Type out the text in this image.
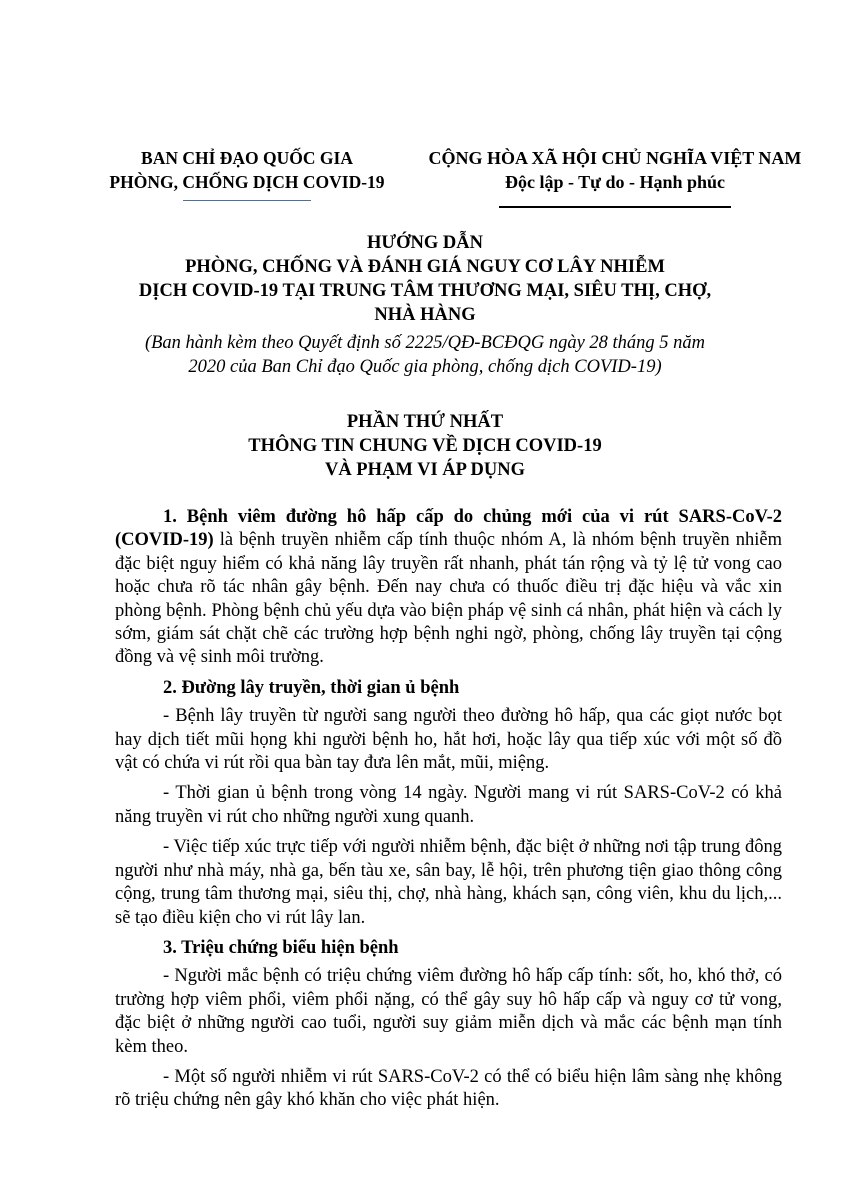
BAN CHỈ ĐẠO QUỐC GIA
PHÒNG, CHỐNG DỊCH COVID-19
CỘNG HÒA XÃ HỘI CHỦ NGHĨA VIỆT NAM
Độc lập - Tự do - Hạnh phúc
HƯỚNG DẪN
PHÒNG, CHỐNG VÀ ĐÁNH GIÁ NGUY CƠ LÂY NHIỄM
DỊCH COVID-19 TẠI TRUNG TÂM THƯƠNG MẠI, SIÊU THỊ, CHỢ,
NHÀ HÀNG
(Ban hành kèm theo Quyết định số 2225/QĐ-BCĐQG ngày 28 tháng 5 năm
2020 của Ban Chỉ đạo Quốc gia phòng, chống dịch COVID-19)
PHẦN THỨ NHẤT
THÔNG TIN CHUNG VỀ DỊCH COVID-19
VÀ PHẠM VI ÁP DỤNG

1. Bệnh viêm đường hô hấp cấp do chủng mới của vi rút SARS-CoV-2 (COVID-19) là bệnh truyền nhiễm cấp tính thuộc nhóm A, là nhóm bệnh truyền nhiễm đặc biệt nguy hiểm có khả năng lây truyền rất nhanh, phát tán rộng và tỷ lệ tử vong cao hoặc chưa rõ tác nhân gây bệnh. Đến nay chưa có thuốc điều trị đặc hiệu và vắc xin phòng bệnh. Phòng bệnh chủ yếu dựa vào biện pháp vệ sinh cá nhân, phát hiện và cách ly sớm, giám sát chặt chẽ các trường hợp bệnh nghi ngờ, phòng, chống lây truyền tại cộng đồng và vệ sinh môi trường.

2. Đường lây truyền, thời gian ủ bệnh

- Bệnh lây truyền từ người sang người theo đường hô hấp, qua các giọt nước bọt hay dịch tiết mũi họng khi người bệnh ho, hắt hơi, hoặc lây qua tiếp xúc với một số đồ vật có chứa vi rút rồi qua bàn tay đưa lên mắt, mũi, miệng.

- Thời gian ủ bệnh trong vòng 14 ngày. Người mang vi rút SARS-CoV-2 có khả năng truyền vi rút cho những người xung quanh.

- Việc tiếp xúc trực tiếp với người nhiễm bệnh, đặc biệt ở những nơi tập trung đông người như nhà máy, nhà ga, bến tàu xe, sân bay, lễ hội, trên phương tiện giao thông công cộng, trung tâm thương mại, siêu thị, chợ, nhà hàng, khách sạn, công viên, khu du lịch,... sẽ tạo điều kiện cho vi rút lây lan.

3. Triệu chứng biểu hiện bệnh

- Người mắc bệnh có triệu chứng viêm đường hô hấp cấp tính: sốt, ho, khó thở, có trường hợp viêm phổi, viêm phổi nặng, có thể gây suy hô hấp cấp và nguy cơ tử vong, đặc biệt ở những người cao tuổi, người suy giảm miễn dịch và mắc các bệnh mạn tính kèm theo.

- Một số người nhiễm vi rút SARS-CoV-2 có thể có biểu hiện lâm sàng nhẹ không rõ triệu chứng nên gây khó khăn cho việc phát hiện.
